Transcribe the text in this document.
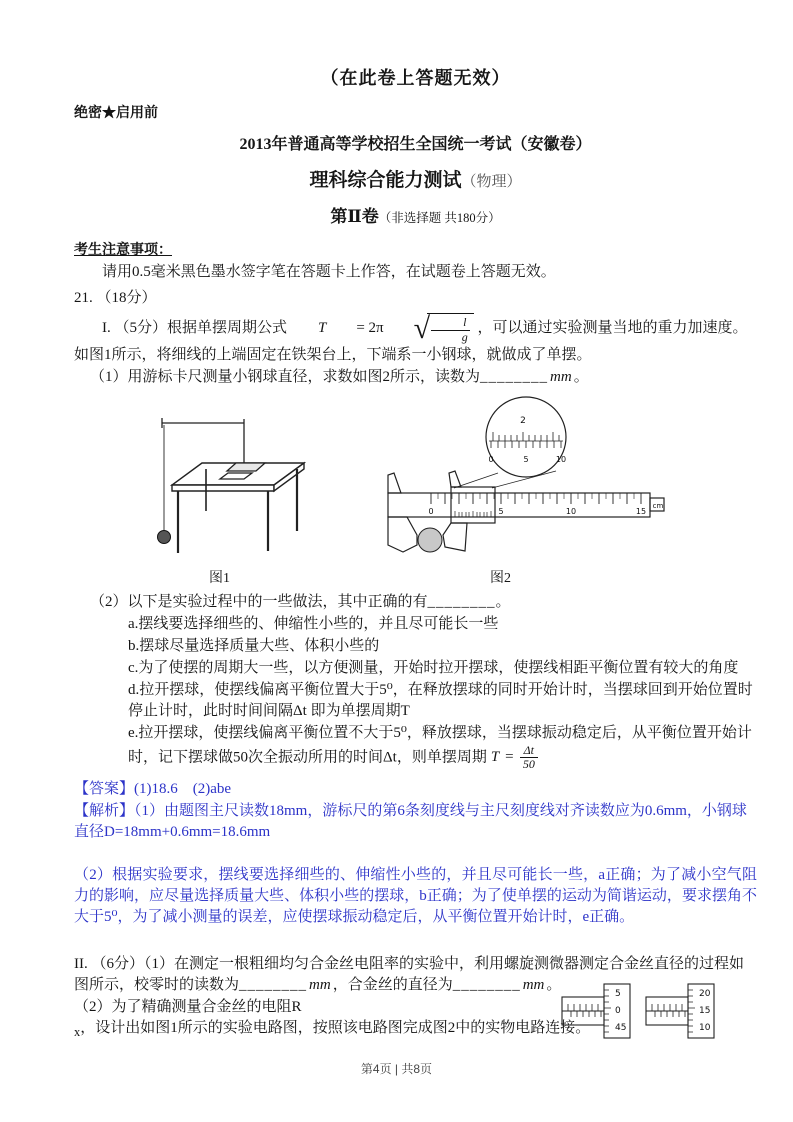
（在此卷上答题无效）
绝密★启用前
2013年普通高等学校招生全国统一考试（安徽卷）
理科综合能力测试（物理）
第Ⅱ卷（非选择题 共180分）
考生注意事项：
请用0.5毫米黑色墨水签字笔在答题卡上作答，在试题卷上答题无效。
21. （18分）
I. （5分）根据单摆周期公式	T	= 2π	√ $\frac{l}{g}$ ，可以通过实验测量当地的重力加速度。如图1所示，将细线的上端固定在铁架台上，下端系一小钢球，就做成了单摆。
（1）用游标卡尺测量小钢球直径，求数如图2所示，读数为________ mm 。
图1
0	5	10	15
cm
2
0	5	10
图2
（2）以下是实验过程中的一些做法，其中正确的有________。
a.摆线要选择细些的、伸缩性小些的，并且尽可能长一些
b.摆球尽量选择质量大些、体积小些的
c.为了使摆的周期大一些，以方便测量，开始时拉开摆球，使摆线相距平衡位置有较大的角度
d.拉开摆球，使摆线偏离平衡位置大于5⁰，在释放摆球的同时开始计时，当摆球回到开始位置时停止计时，此时时间间隔Δt 即为单摆周期T
e.拉开摆球，使摆线偏离平衡位置不大于5⁰，释放摆球，当摆球振动稳定后，从平衡位置开始计时，记下摆球做50次全振动所用的时间Δt，则单摆周期 $T = \frac{\Delta t}{50}$
【答案】(1)18.6　(2)abe
【解析】（1）由题图主尺读数18mm，游标尺的第6条刻度线与主尺刻度线对齐读数应为0.6mm，小钢球直径D=18mm+0.6mm=18.6mm
（2）根据实验要求，摆线要选择细些的、伸缩性小些的，并且尽可能长一些，a正确；为了减小空气阻力的影响，应尽量选择质量大些、体积小些的摆球，b正确；为了使单摆的运动为简谐运动，要求摆角不大于5⁰，为了减小测量的误差，应使摆球振动稳定后，从平衡位置开始计时，e正确。
II. （6分）（1）在测定一根粗细均匀合金丝电阻率的实验中，利用螺旋测微器测定合金丝直径的过程如图所示，校零时的读数为________ mm ，合金丝的直径为________ mm 。
（2）为了精确测量合金丝的电阻R
$_x$，设计出如图1所示的实验电路图，按照该电路图完成图2中的实物电路连接。
5
0
45
20
15
10
第4页 | 共8页
